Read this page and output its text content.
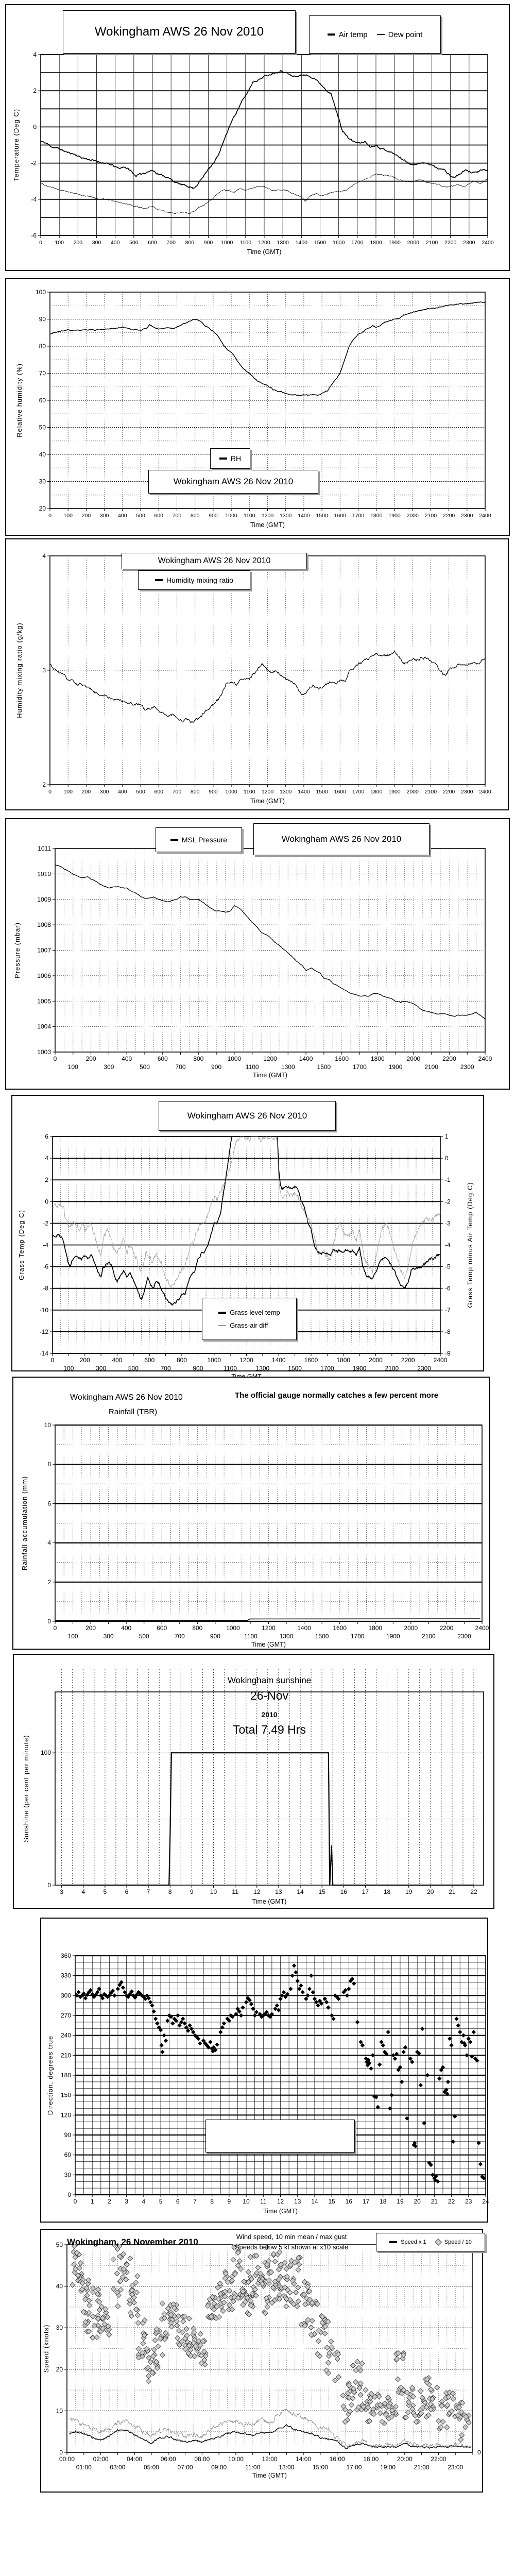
0 100 200 300 400 500 600 700 800 900 1000 1100 1200 1300 1400 1500 1600 1700 1800 1900 2000 2100 2200 2300 2400
Time (GMT)
-6
-4
-2
0
2
4
Temperature (Deg C)
Wokingham AWS 26 Nov 2010	Air temp	Dew point
0 100 200 300 400 500 600 700 800 900 1000 1100 1200 1300 1400 1500 1600 1700 1800 1900 2000 2100 2200 2300 2400
Time (GMT)
20
30
40
50
60
70
80
90
100
Relative humidity (%)
Wokingham AWS 26 Nov 2010
RH
0 100 200 300 400 500 600 700 800 900 1000 1100 1200 1300 1400 1500 1600 1700 1800 1900 2000 2100 2200 2300 2400
Time (GMT)
2
3
4
Humidity mixing ratio (g/kg)
Wokingham AWS 26 Nov 2010
Humidity mixing ratio
0
100
200
300
400
500
600
700
800
900
1000
1100
1200
1300
1400
1500
1600
1700
1800
1900
2000
2100
2200
2300
2400
Time (GMT)
1003
1004
1005
1006
1007
1008
1009
1010
1011
Pressure (mbar)
Wokingham AWS 26 Nov 2010
MSL Pressure
0
100
200
300
400
500
600
700
800
900
1000
1100
1200
1300
1400
1500
1600
1700
1800
1900
2000
2100
2200
2300
2400
-14
-12
-10
-8
-6
-4
-2
0
2
4
6
Grass Temp (Deg C)
-9
-8
-7
-6
-5
-4
-3
-2
-1
0
1
Grass Temp minus Air Temp (Deg C)
Wokingham AWS 26 Nov 2010
Grass level temp
Grass-air diff
0
100
200
300
400
500
600
700
800
900
1000
1100
1200
1300
1400
1500
1600
1700
1800
1900
2000
2100
2200
2300
2400
Time (GMT)
0
2
4
6
8
10
Rainfall accumulation (mm)
Wokingham AWS 26 Nov 2010	The official gauge normally catches a few percent more
Rainfall (TBR)
3	4	5	6	7	8	9	10 11 12 13 14 15 16 17 18 19 20 21 22
Time (GMT)
0
100
Sunshine (per cent per minute)
Wokingham sunshine
26-Nov
2010
Total 7.49 Hrs
0 1 2 3 4 5 6 7 8 9 10 11 12 13 14 15 16 17 18 19 20 21 22 23 24
Time (GMT)
0
30
60
90
120
150
180
210
240
270
300
330
360
Direction, degrees true
00:00
01:00
02:00
03:00
04:00
05:00
06:00
07:00
08:00
09:00
10:00
11:00
12:00
13:00
14:00
15:00
16:00
17:00
18:00
19:00
20:00
21:00
22:00
23:00
Time (GMT)
0
10
20
30
40
50
Speed (knots)
0
Speed x 1	Speed / 10
Wokingham, 26 November 2010
Wind speed, 10 min mean / max gust
Speeds below 5 kt shown at x10 scale
